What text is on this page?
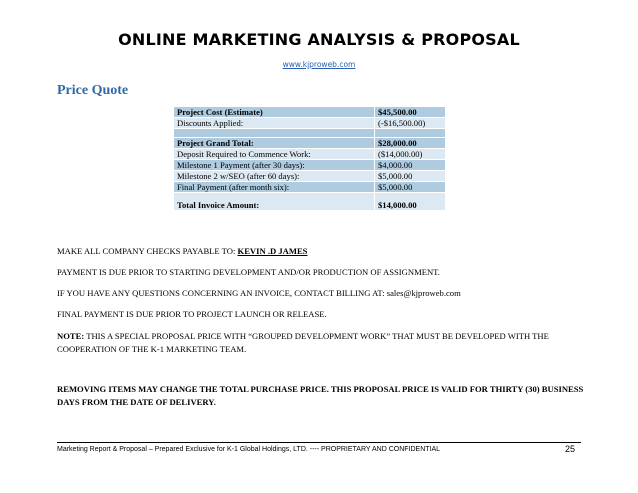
ONLINE MARKETING ANALYSIS & PROPOSAL
www.kjproweb.com
Price Quote
Project Cost (Estimate)	$45,500.00
Discounts Applied:	(-$16,500.00)

Project Grand Total:	$28,000.00
Deposit Required to Commence Work:	($14,000.00)
Milestone 1 Payment (after 30 days):	$4,000.00
Milestone 2 w/SEO (after 60 days):	$5,000.00
Final Payment (after month six):	$5,000.00
Total Invoice Amount:	$14,000.00
MAKE ALL COMPANY CHECKS PAYABLE TO: KEVIN .D JAMES
PAYMENT IS DUE PRIOR TO STARTING DEVELOPMENT AND/OR PRODUCTION OF ASSIGNMENT.
IF YOU HAVE ANY QUESTIONS CONCERNING AN INVOICE, CONTACT BILLING AT: sales@kjproweb.com
FINAL PAYMENT IS DUE PRIOR TO PROJECT LAUNCH OR RELEASE.
NOTE: THIS A SPECIAL PROPOSAL PRICE WITH “GROUPED DEVELOPMENT WORK” THAT MUST BE DEVELOPED WITH THE COOPERATION OF THE K-1 MARKETING TEAM.
REMOVING ITEMS MAY CHANGE THE TOTAL PURCHASE PRICE. THIS PROPOSAL PRICE IS VALID FOR THIRTY (30) BUSINESS DAYS FROM THE DATE OF DELIVERY.
Marketing Report & Proposal – Prepared Exclusive for K-1 Global Holdings, LTD. ---- PROPRIETARY AND CONFIDENTIAL	25
